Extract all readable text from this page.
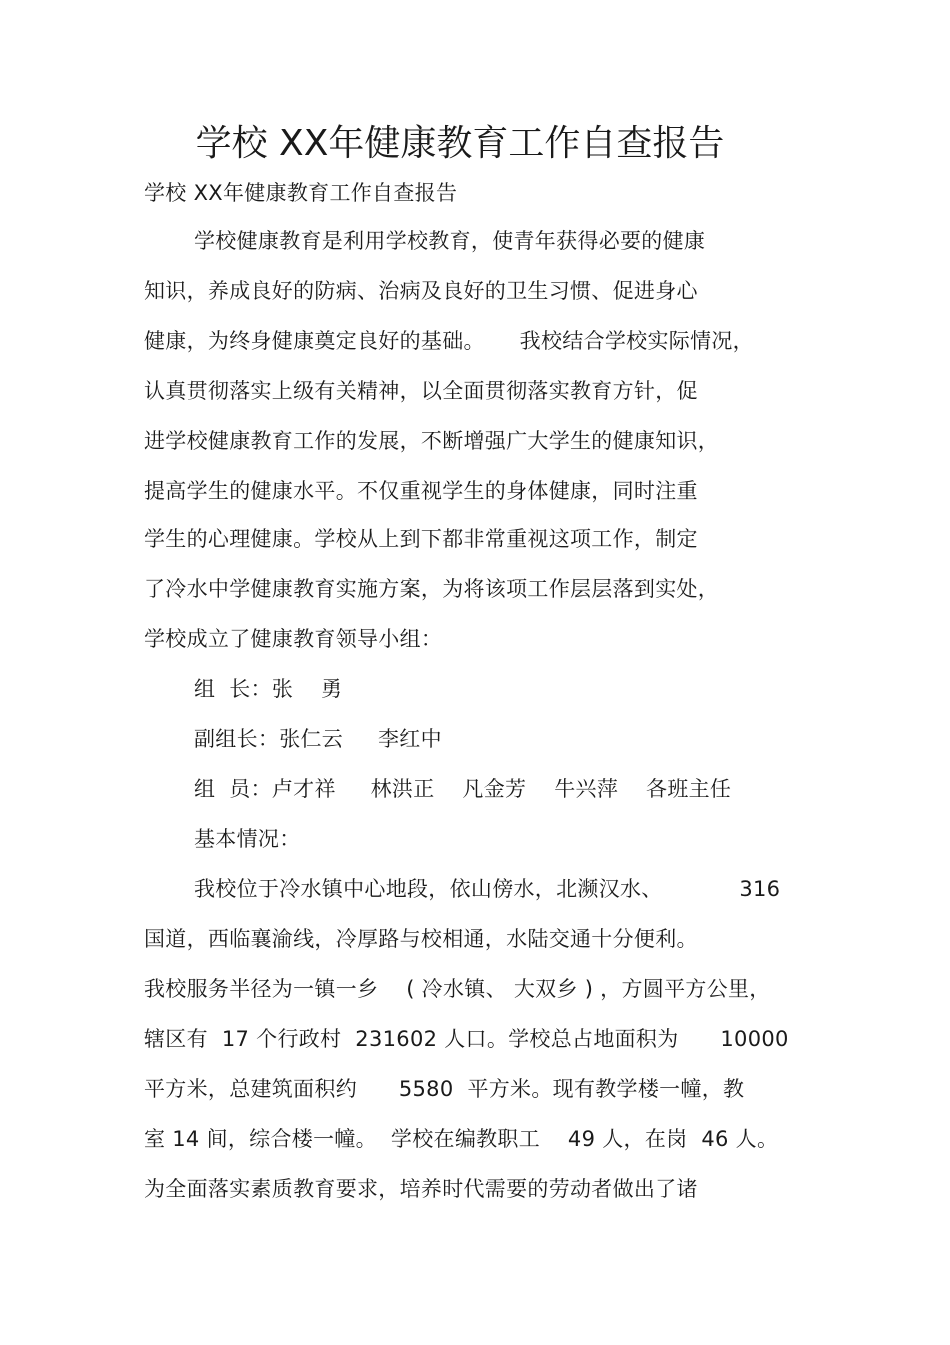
学校 XX年健康教育工作自查报告
学校 XX年健康教育工作自查报告
学校健康教育是利用学校教育，使青年获得必要的健康
知识，养成良好的防病、治病及良好的卫生习惯、促进身心
健康，为终身健康奠定良好的基础。     我校结合学校实际情况，
认真贯彻落实上级有关精神，以全面贯彻落实教育方针，促
进学校健康教育工作的发展，不断增强广大学生的健康知识，
提高学生的健康水平。不仅重视学生的身体健康，同时注重
学生的心理健康。学校从上到下都非常重视这项工作，制定
了冷水中学健康教育实施方案，为将该项工作层层落到实处，
学校成立了健康教育领导小组：
组  长：张    勇
副组长：张仁云     李红中
组  员：卢才祥     林洪正    凡金芳    牛兴萍    各班主任
基本情况：
我校位于冷水镇中心地段，依山傍水，北濒汉水、           316
国道，西临襄渝线，冷厚路与校相通，水陆交通十分便利。
我校服务半径为一镇一乡    ( 冷水镇、 大双乡 ) ，方圆平方公里，
辖区有  17 个行政村  231602 人口。学校总占地面积为      10000
平方米，总建筑面积约      5580  平方米。现有教学楼一幢，教
室 14 间，综合楼一幢。  学校在编教职工    49 人，在岗  46 人。
为全面落实素质教育要求，培养时代需要的劳动者做出了诸
